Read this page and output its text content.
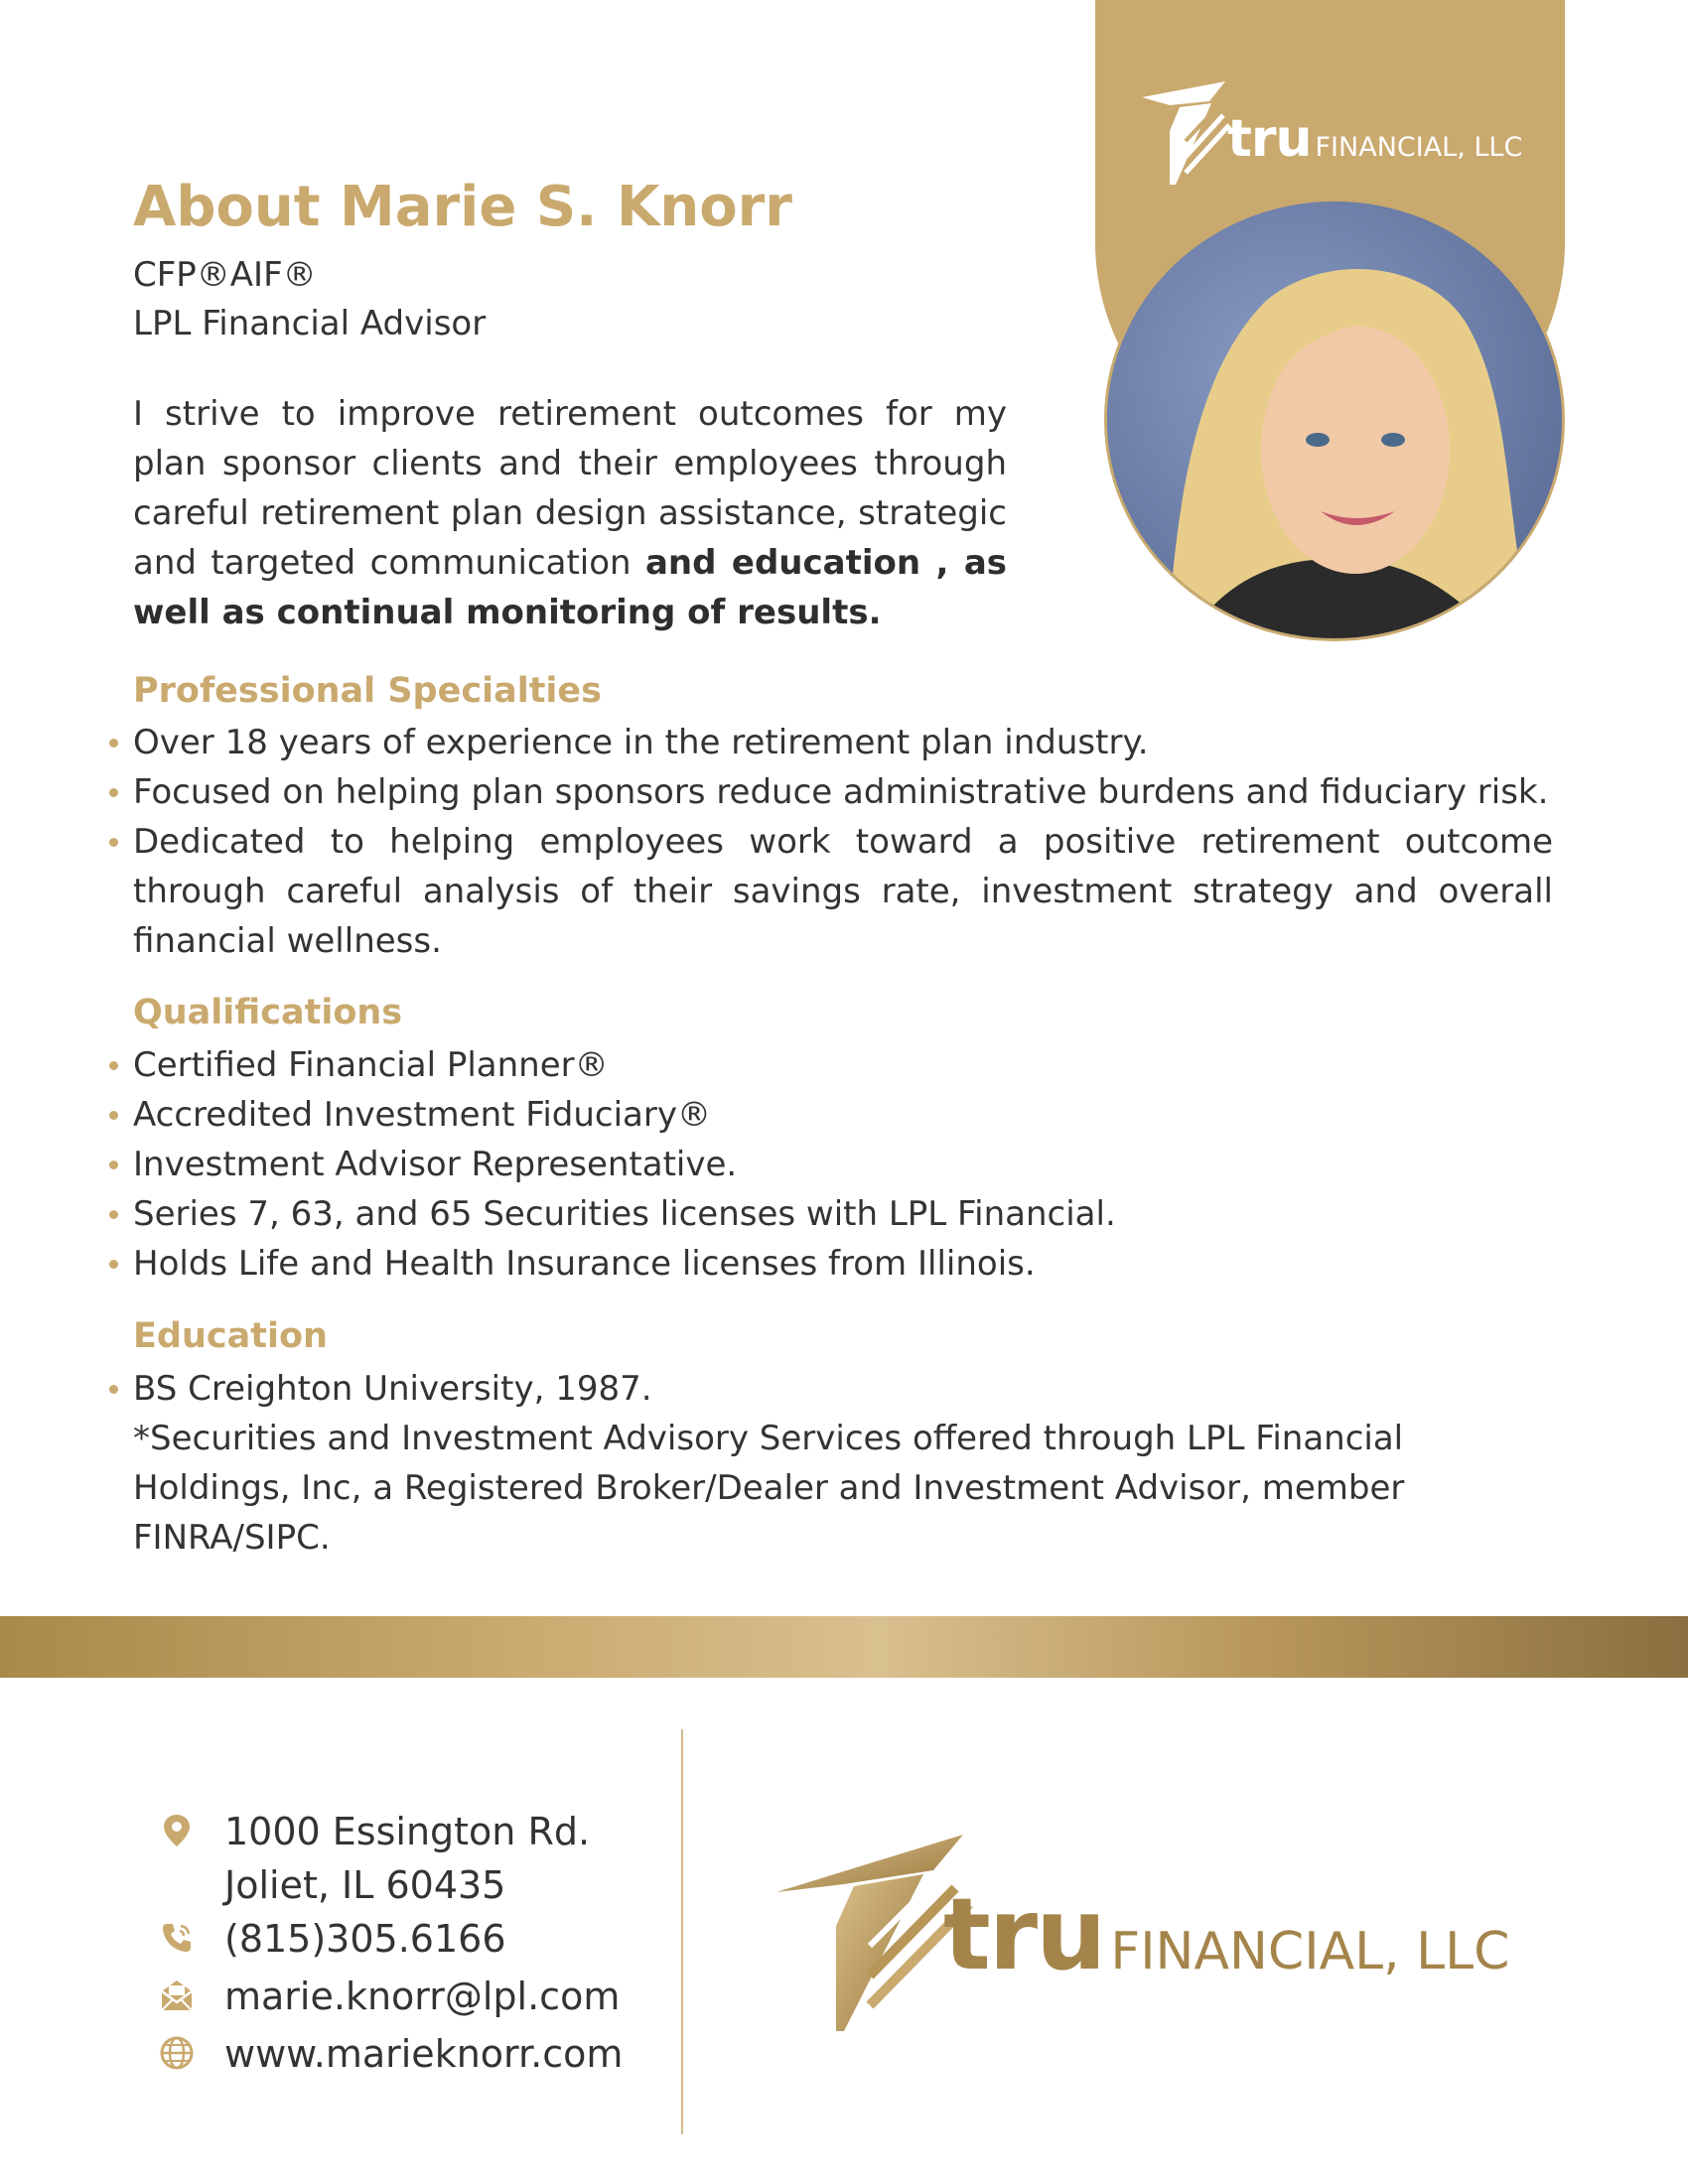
tru FINANCIAL, LLC
About Marie S. Knorr
CFP®AIF®
LPL Financial Advisor

I strive to improve retirement outcomes for my plan sponsor clients and their employees through careful retirement plan design assistance, strategic and targeted communication and education , as well as continual monitoring of results.

Professional Specialties
Over 18 years of experience in the retirement plan industry.
Focused on helping plan sponsors reduce administrative burdens and fiduciary risk.
Dedicated to helping employees work toward a positive retirement outcome through careful analysis of their savings rate, investment strategy and overall financial wellness.
Qualifications
Certified Financial Planner®
Accredited Investment Fiduciary®
Investment Advisor Representative.
Series 7, 63, and 65 Securities licenses with LPL Financial.
Holds Life and Health Insurance licenses from Illinois.
Education
BS Creighton University, 1987.
*Securities and Investment Advisory Services offered through LPL Financial Holdings, Inc, a Registered Broker/Dealer and Investment Advisor, member FINRA/SIPC.
1000 Essington Rd.
Joliet, IL 60435
(815)305.6166
marie.knorr@lpl.com
www.marieknorr.com
tru FINANCIAL, LLC
